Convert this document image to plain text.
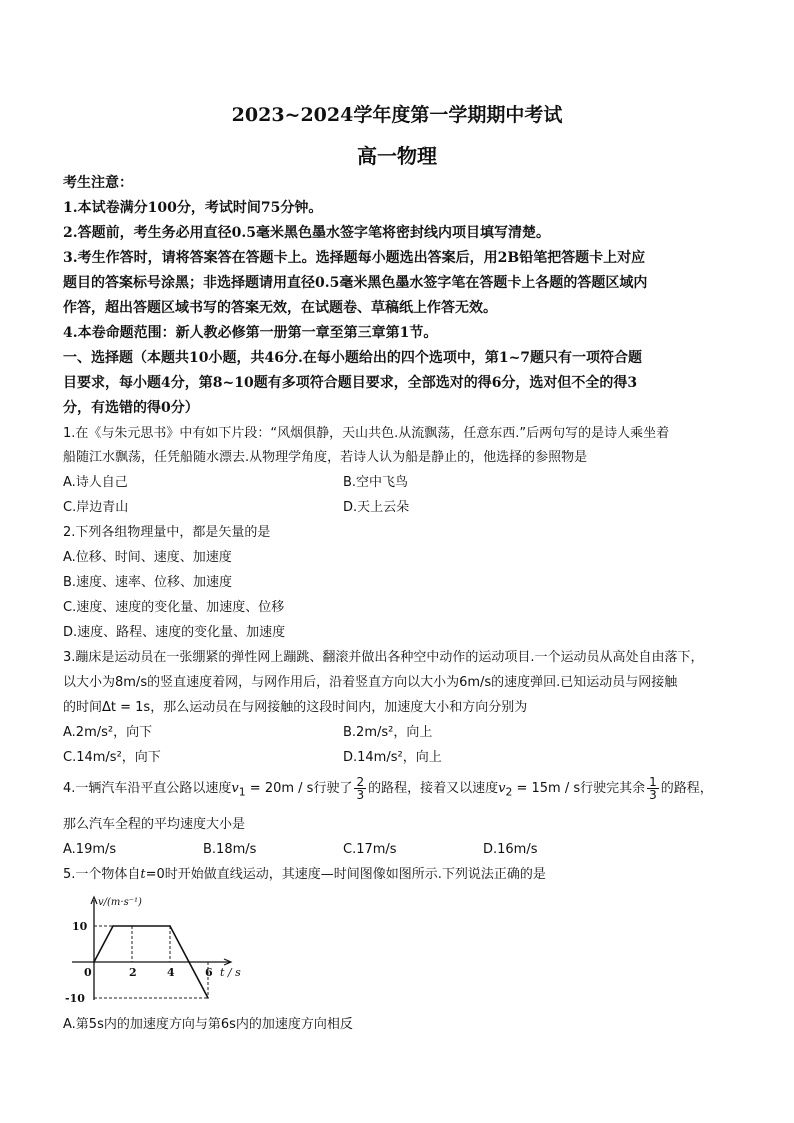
2023~2024学年度第一学期期中考试
高一物理
考生注意：
1.本试卷满分100分，考试时间75分钟。
2.答题前，考生务必用直径0.5毫米黑色墨水签字笔将密封线内项目填写清楚。
3.考生作答时，请将答案答在答题卡上。选择题每小题选出答案后，用2B铅笔把答题卡上对应
题目的答案标号涂黑；非选择题请用直径0.5毫米黑色墨水签字笔在答题卡上各题的答题区域内
作答，超出答题区域书写的答案无效，在试题卷、草稿纸上作答无效。
4.本卷命题范围：新人教必修第一册第一章至第三章第1节。
一、选择题（本题共10小题，共46分.在每小题给出的四个选项中，第1~7题只有一项符合题
目要求，每小题4分，第8~10题有多项符合题目要求，全部选对的得6分，选对但不全的得3
分，有选错的得0分）
1.在《与朱元思书》中有如下片段：“风烟俱静，天山共色.从流飘荡，任意东西.”后两句写的是诗人乘坐着
船随江水飘荡，任凭船随水漂去.从物理学角度，若诗人认为船是静止的，他选择的参照物是
A.诗人自己	B.空中飞鸟
C.岸边青山	D.天上云朵
2.下列各组物理量中，都是矢量的是
A.位移、时间、速度、加速度
B.速度、速率、位移、加速度
C.速度、速度的变化量、加速度、位移
D.速度、路程、速度的变化量、加速度
3.蹦床是运动员在一张绷紧的弹性网上蹦跳、翻滚并做出各种空中动作的运动项目.一个运动员从高处自由落下，
以大小为8m/s的竖直速度着网，与网作用后，沿着竖直方向以大小为6m/s的速度弹回.已知运动员与网接触
的时间Δt = 1s，那么运动员在与网接触的这段时间内，加速度大小和方向分别为
A.2m/s²，向下	B.2m/s²，向上
C.14m/s²，向下	D.14m/s²，向上
4.一辆汽车沿平直公路以速度$v_1 = 20m / s$行驶了 $\frac{2}{3}$ 的路程，接着又以速度$v_2 = 15m / s$行驶完其余 $\frac{1}{3}$ 的路程，
那么汽车全程的平均速度大小是
A.19m/s	B.18m/s	C.17m/s	D.16m/s
5.一个物体自t=0时开始做直线运动，其速度—时间图像如图所示.下列说法正确的是
v/(m·s⁻¹)
t / s
0	2	4	6
10
-10
A.第5s内的加速度方向与第6s内的加速度方向相反
